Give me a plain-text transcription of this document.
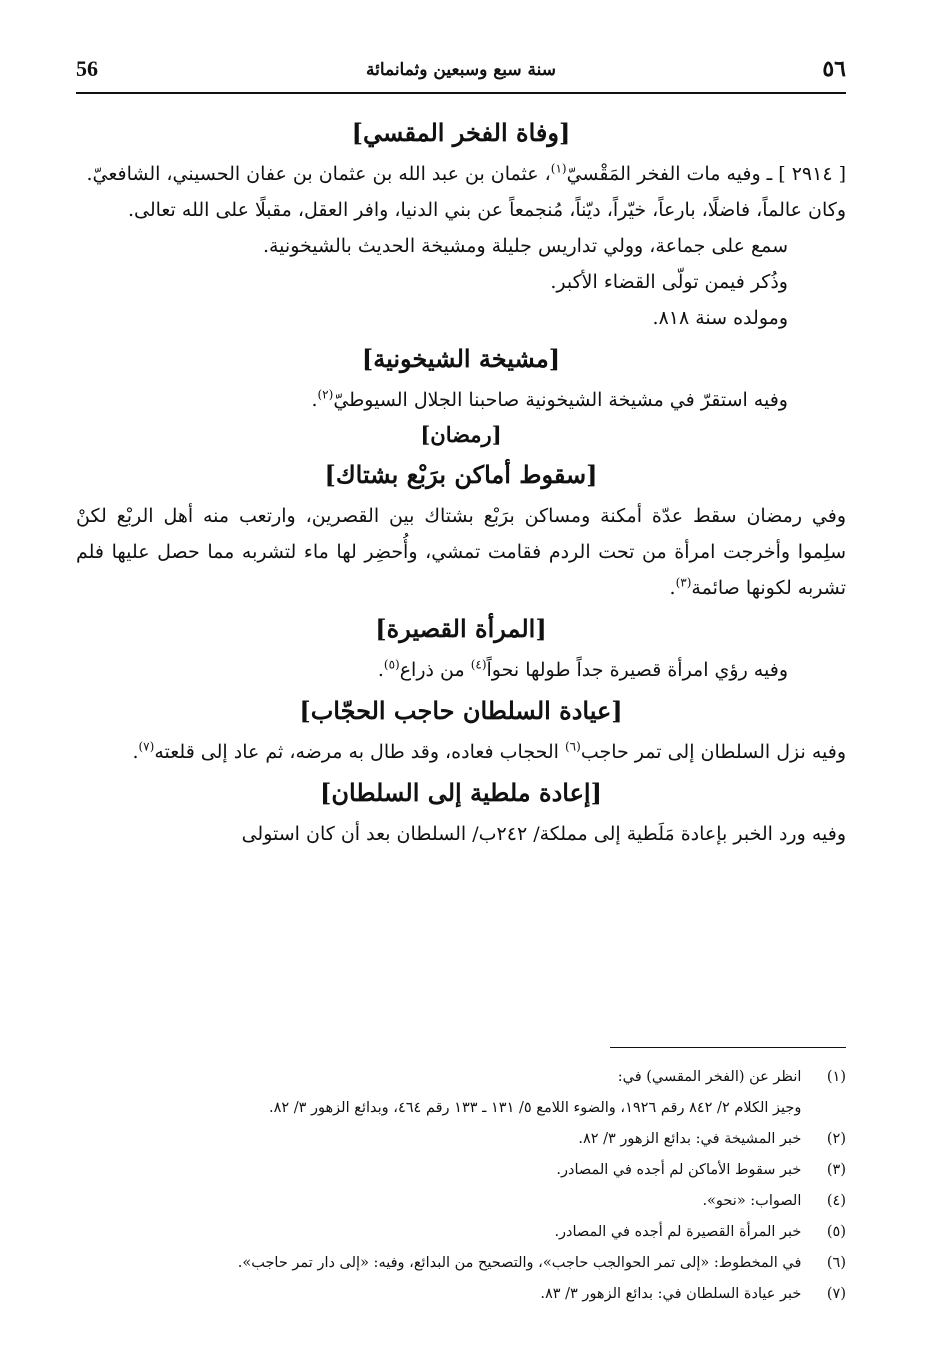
56	سنة سبع وسبعين وثمانمائة	٥٦

[وفاة الفخر المقسي]

[ ٢٩١٤ ] ـ وفيه مات الفخر المَقْسيّ$^{(١)}$، عثمان بن عبد الله بن عثمان بن عفان الحسيني، الشافعيّ.

وكان عالماً، فاضلًا، بارعاً، خيّراً، ديّناً، مُنجمعاً عن بني الدنيا، وافر العقل، مقبلًا على الله تعالى.

سمع على جماعة، وولي تداريس جليلة ومشيخة الحديث بالشيخونية.

وذُكر فيمن تولّى القضاء الأكبر.

ومولده سنة ٨١٨.

[مشيخة الشيخونية]

وفيه استقرّ في مشيخة الشيخونية صاحبنا الجلال السيوطيّ$^{(٢)}$.

[رمضان]

[سقوط أماكن برَبْع بشتاك]

وفي رمضان سقط عدّة أمكنة ومساكن برَبْع بشتاك بين القصرين، وارتعب منه أهل الربْع لكنْ سلِموا وأخرجت امرأة من تحت الردم فقامت تمشي، وأُحضِر لها ماء لتشربه مما حصل عليها فلم تشربه لكونها صائمة$^{(٣)}$.

[المرأة القصيرة]

وفيه رؤي امرأة قصيرة جداً طولها نحواً$^{(٤)}$ من ذراع$^{(٥)}$.

[عيادة السلطان حاجب الحجّاب]

وفيه نزل السلطان إلى تمر حاجب$^{(٦)}$ الحجاب فعاده، وقد طال به مرضه، ثم عاد إلى قلعته$^{(٧)}$.

[إعادة ملطية إلى السلطان]

وفيه ورد الخبر بإعادة مَلَطية إلى مملكة/ ٢٤٢ب/ السلطان بعد أن كان استولى

(١) انظر عن (الفخر المقسي) في:

وجيز الكلام ٢/ ٨٤٢ رقم ١٩٢٦، والضوء اللامع ٥/ ١٣١ ـ ١٣٣ رقم ٤٦٤، وبدائع الزهور ٣/ ٨٢.

(٢) خبر المشيخة في: بدائع الزهور ٣/ ٨٢.

(٣) خبر سقوط الأماكن لم أجده في المصادر.

(٤) الصواب: «نحو».

(٥) خبر المرأة القصيرة لم أجده في المصادر.

(٦) في المخطوط: «إلى تمر الحوالجب حاجب»، والتصحيح من البدائع، وفيه: «إلى دار تمر حاجب».

(٧) خبر عيادة السلطان في: بدائع الزهور ٣/ ٨٣.
